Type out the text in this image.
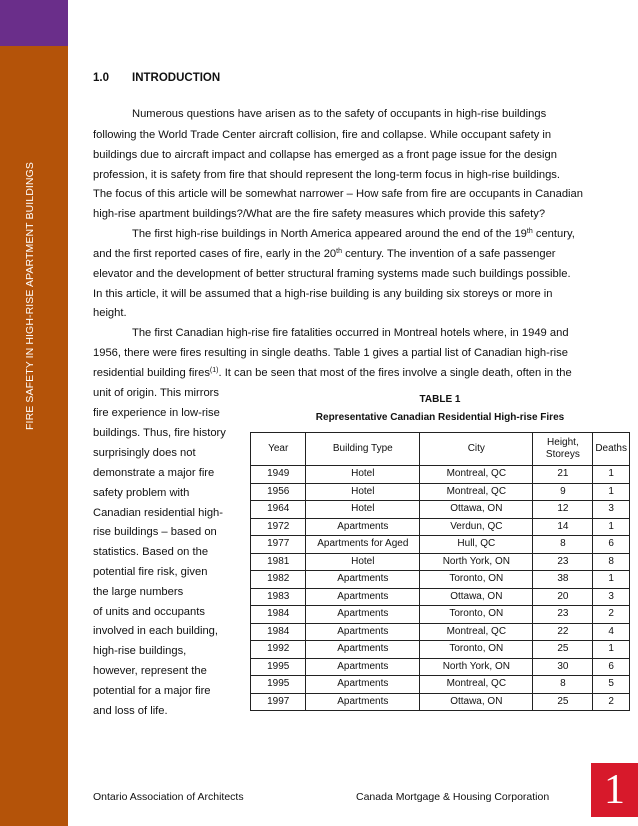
FIRE SAFETY IN HIGH-RISE APARTMENT BUILDINGS
1.0 INTRODUCTION
Numerous questions have arisen as to the safety of occupants in high-rise buildings
following the World Trade Center aircraft collision, fire and collapse. While occupant safety in
buildings due to aircraft impact and collapse has emerged as a front page issue for the design
profession, it is safety from fire that should represent the long-term focus in high-rise buildings.
The focus of this article will be somewhat narrower – How safe from fire are occupants in Canadian
high-rise apartment buildings?/What are the fire safety measures which provide this safety?
The first high-rise buildings in North America appeared around the end of the 19th century,
and the first reported cases of fire, early in the 20th century. The invention of a safe passenger
elevator and the development of better structural framing systems made such buildings possible.
In this article, it will be assumed that a high-rise building is any building six storeys or more in
height.
The first Canadian high-rise fire fatalities occurred in Montreal hotels where, in 1949 and
1956, there were fires resulting in single deaths. Table 1 gives a partial list of Canadian high-rise
residential building fires$^{(1)}$. It can be seen that most of the fires involve a single death, often in the
unit of origin. This mirrors
fire experience in low-rise
buildings. Thus, fire history
surprisingly does not
demonstrate a major fire
safety problem with
Canadian residential high-
rise buildings – based on
statistics. Based on the
potential fire risk, given
the large numbers
of units and occupants
involved in each building,
high-rise buildings,
however, represent the
potential for a major fire
and loss of life.
TABLE 1
Representative Canadian Residential High-rise Fires
Year	Building Type	City	Height, Storeys	Deaths
1949	Hotel	Montreal, QC	21	1
1956	Hotel	Montreal, QC	9	1
1964	Hotel	Ottawa, ON	12	3
1972	Apartments	Verdun, QC	14	1
1977	Apartments for Aged	Hull, QC	8	6
1981	Hotel	North York, ON	23	8
1982	Apartments	Toronto, ON	38	1
1983	Apartments	Ottawa, ON	20	3
1984	Apartments	Toronto, ON	23	2
1984	Apartments	Montreal, QC	22	4
1992	Apartments	Toronto, ON	25	1
1995	Apartments	North York, ON	30	6
1995	Apartments	Montreal, QC	8	5
1997	Apartments	Ottawa, ON	25	2
Ontario Association of Architects	Canada Mortgage & Housing Corporation	1
